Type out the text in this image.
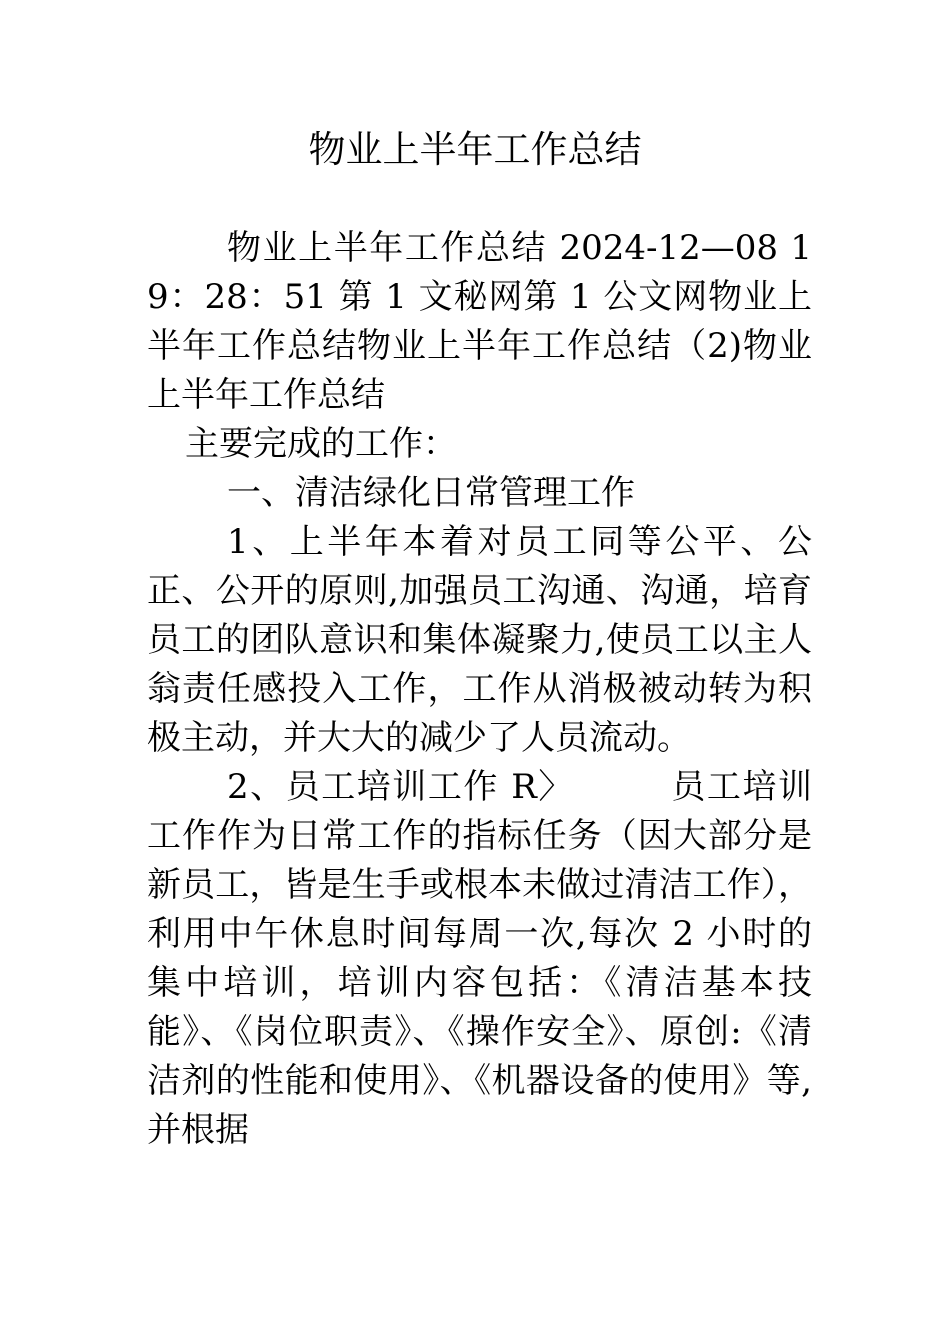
物业上半年工作总结

物业上半年工作总结 2024-12—08 19：28：51 第 1 文秘网第 1 公文网物业上半年工作总结物业上半年工作总结（2)物业上半年工作总结

主要完成的工作：

一、清洁绿化日常管理工作

1、上半年本着对员工同等公平、公正、公开的原则,加强员工沟通、沟通，培育员工的团队意识和集体凝聚力,使员工以主人翁责任感投入工作，工作从消极被动转为积极主动，并大大的减少了人员流动。

2、员工培训工作 R〉	员工培训工作作为日常工作的指标任务（因大部分是新员工，皆是生手或根本未做过清洁工作），利用中午休息时间每周一次,每次 2 小时的集中培训，培训内容包括：《清洁基本技能》、《岗位职责》、《操作安全》、原创:《清洁剂的性能和使用》、《机器设备的使用》等,并根据
